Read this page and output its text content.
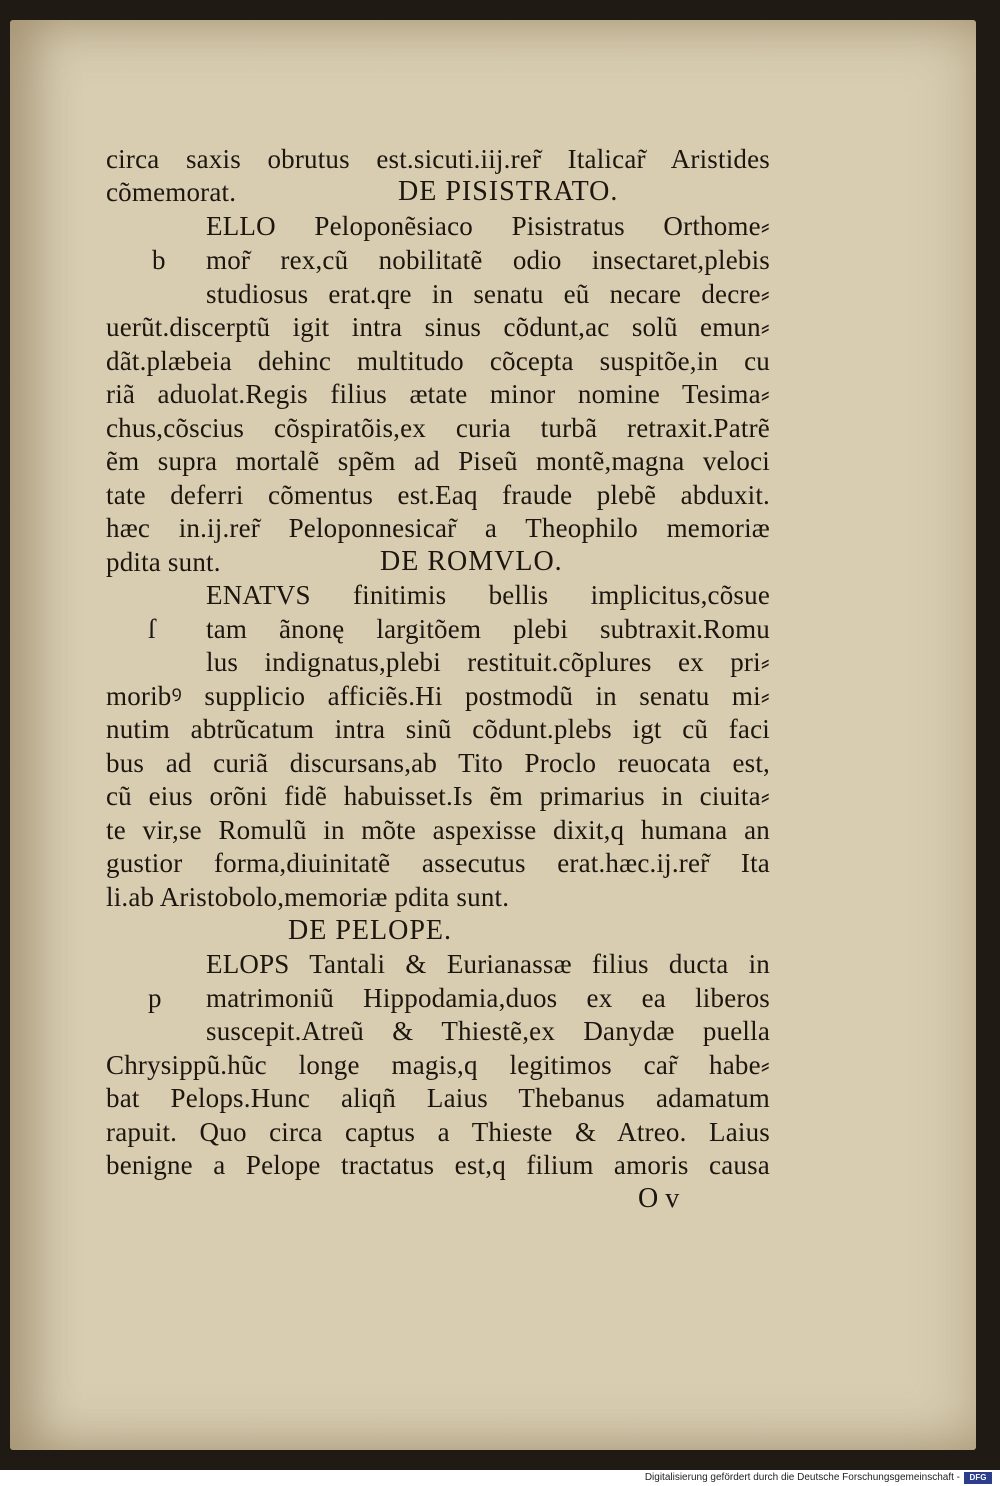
circa saxis obrutus est.sicuti.iij.rer̃ Italicar̃ Aristides
cõmemorat.	DE PISISTRATO.
ELLO Peloponẽsiaco Pisistratus Orthome⸗
b mor̃ rex,cũ nobilitatẽ odio insectaret,plebis
studiosus erat.qre in senatu eũ necare decre⸗
uerũt.discerptũ igit intra sinus cõdunt,ac solũ emun⸗
dãt.plæbeia dehinc multitudo cõcepta suspitõe,in cu
riã aduolat.Regis filius ætate minor nomine Tesima⸗
chus,cõscius cõspiratõis,ex curia turbã retraxit.Patrẽ
ẽm supra mortalẽ spẽm ad Piseũ montẽ,magna veloci
tate deferri cõmentus est.Eaq fraude plebẽ abduxit.
hæc in.ij.rer̃ Peloponnesicar̃ a Theophilo memoriæ
pdita sunt.	DE ROMVLO.
ENATVS finitimis bellis implicitus,cõsue
ſ tam ãnonę largitõem plebi subtraxit.Romu
lus indignatus,plebi restituit.cõplures ex pri⸗
moribꝰ supplicio afficiẽs.Hi postmodũ in senatu mi⸗
nutim abtrũcatum intra sinũ cõdunt.plebs igt cũ faci
bus ad curiã discursans,ab Tito Proclo reuocata est,
cũ eius orõni fidẽ habuisset.Is ẽm primarius in ciuita⸗
te vir,se Romulũ in mõte aspexisse dixit,q humana an
gustior forma,diuinitatẽ assecutus erat.hæc.ij.rer̃ Ita
li.ab Aristobolo,memoriæ pdita sunt.
DE PELOPE.
ELOPS Tantali & Eurianassæ filius ducta in
p matrimoniũ Hippodamia,duos ex ea liberos
suscepit.Atreũ & Thiestẽ,ex Danydæ puella
Chrysippũ.hũc longe magis,q legitimos car̃ habe⸗
bat Pelops.Hunc aliqñ Laius Thebanus adamatum
rapuit. Quo circa captus a Thieste & Atreo. Laius
benigne a Pelope tractatus est,q filium amoris causa
O v
Digitalisierung gefördert durch die Deutsche Forschungsgemeinschaft -	DFG
